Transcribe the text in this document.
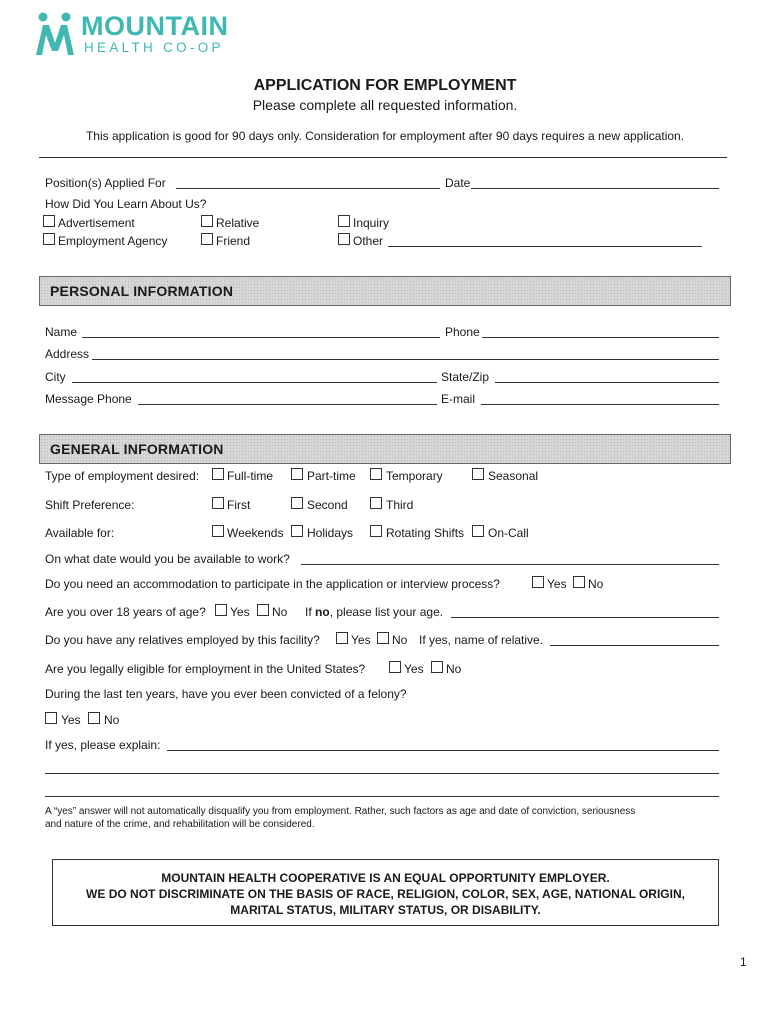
MOUNTAIN
HEALTH CO-OP
APPLICATION FOR EMPLOYMENT
Please complete all requested information.
This application is good for 90 days only. Consideration for employment after 90 days requires a new application.
Position(s) Applied For	Date
How Did You Learn About Us?
Advertisement	Relative	Inquiry
Employment Agency	Friend	Other
PERSONAL INFORMATION
Name	Phone
Address
City	State/Zip
Message Phone	E-mail
GENERAL INFORMATION
Type of employment desired: Full-time	Part-time	Temporary	Seasonal
Shift Preference:	First	Second	Third
Available for:	Weekends Holidays	Rotating Shifts On-Call
On what date would you be available to work?
Do you need an accommodation to participate in the application or interview process?	Yes No
Are you over 18 years of age? Yes No If no, please list your age.
Do you have any relatives employed by this facility?	Yes No If yes, name of relative.
Are you legally eligible for employment in the United States?	Yes No
During the last ten years, have you ever been convicted of a felony?
Yes No
If yes, please explain:
A “yes” answer will not automatically disqualify you from employment. Rather, such factors as age and date of conviction, seriousness
and nature of the crime, and rehabilitation will be considered.
MOUNTAIN HEALTH COOPERATIVE IS AN EQUAL OPPORTUNITY EMPLOYER.
WE DO NOT DISCRIMINATE ON THE BASIS OF RACE, RELIGION, COLOR, SEX, AGE, NATIONAL ORIGIN,
MARITAL STATUS, MILITARY STATUS, OR DISABILITY.
1
